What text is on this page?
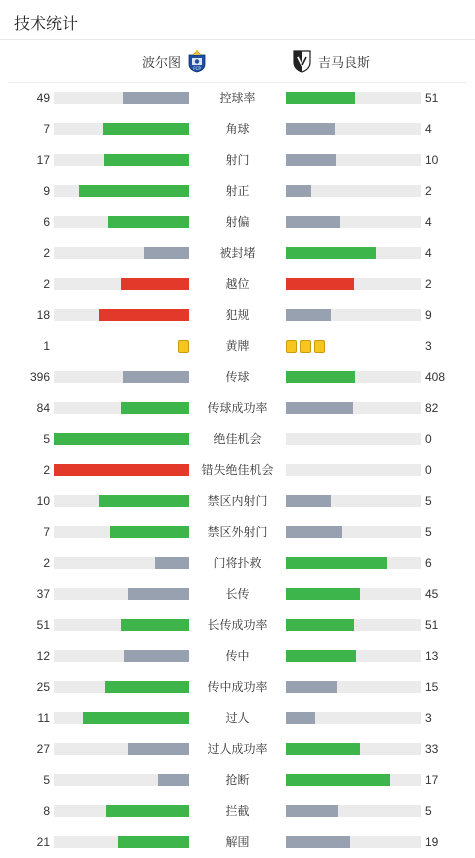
技术统计
波尔图	FCP	吉马良斯
49	控球率	51
7	角球	4
17	射门	10
9	射正	2
6	射偏	4
2	被封堵	4
2	越位	2
18	犯规	9
1	黄牌	3
396	传球	408
84	传球成功率	82
5	绝佳机会	0
2	错失绝佳机会	0
10	禁区内射门	5
7	禁区外射门	5
2	门将扑救	6
37	长传	45
51	长传成功率	51
12	传中	13
25	传中成功率	15
11	过人	3
27	过人成功率	33
5	抢断	17
8	拦截	5
21	解围	19
